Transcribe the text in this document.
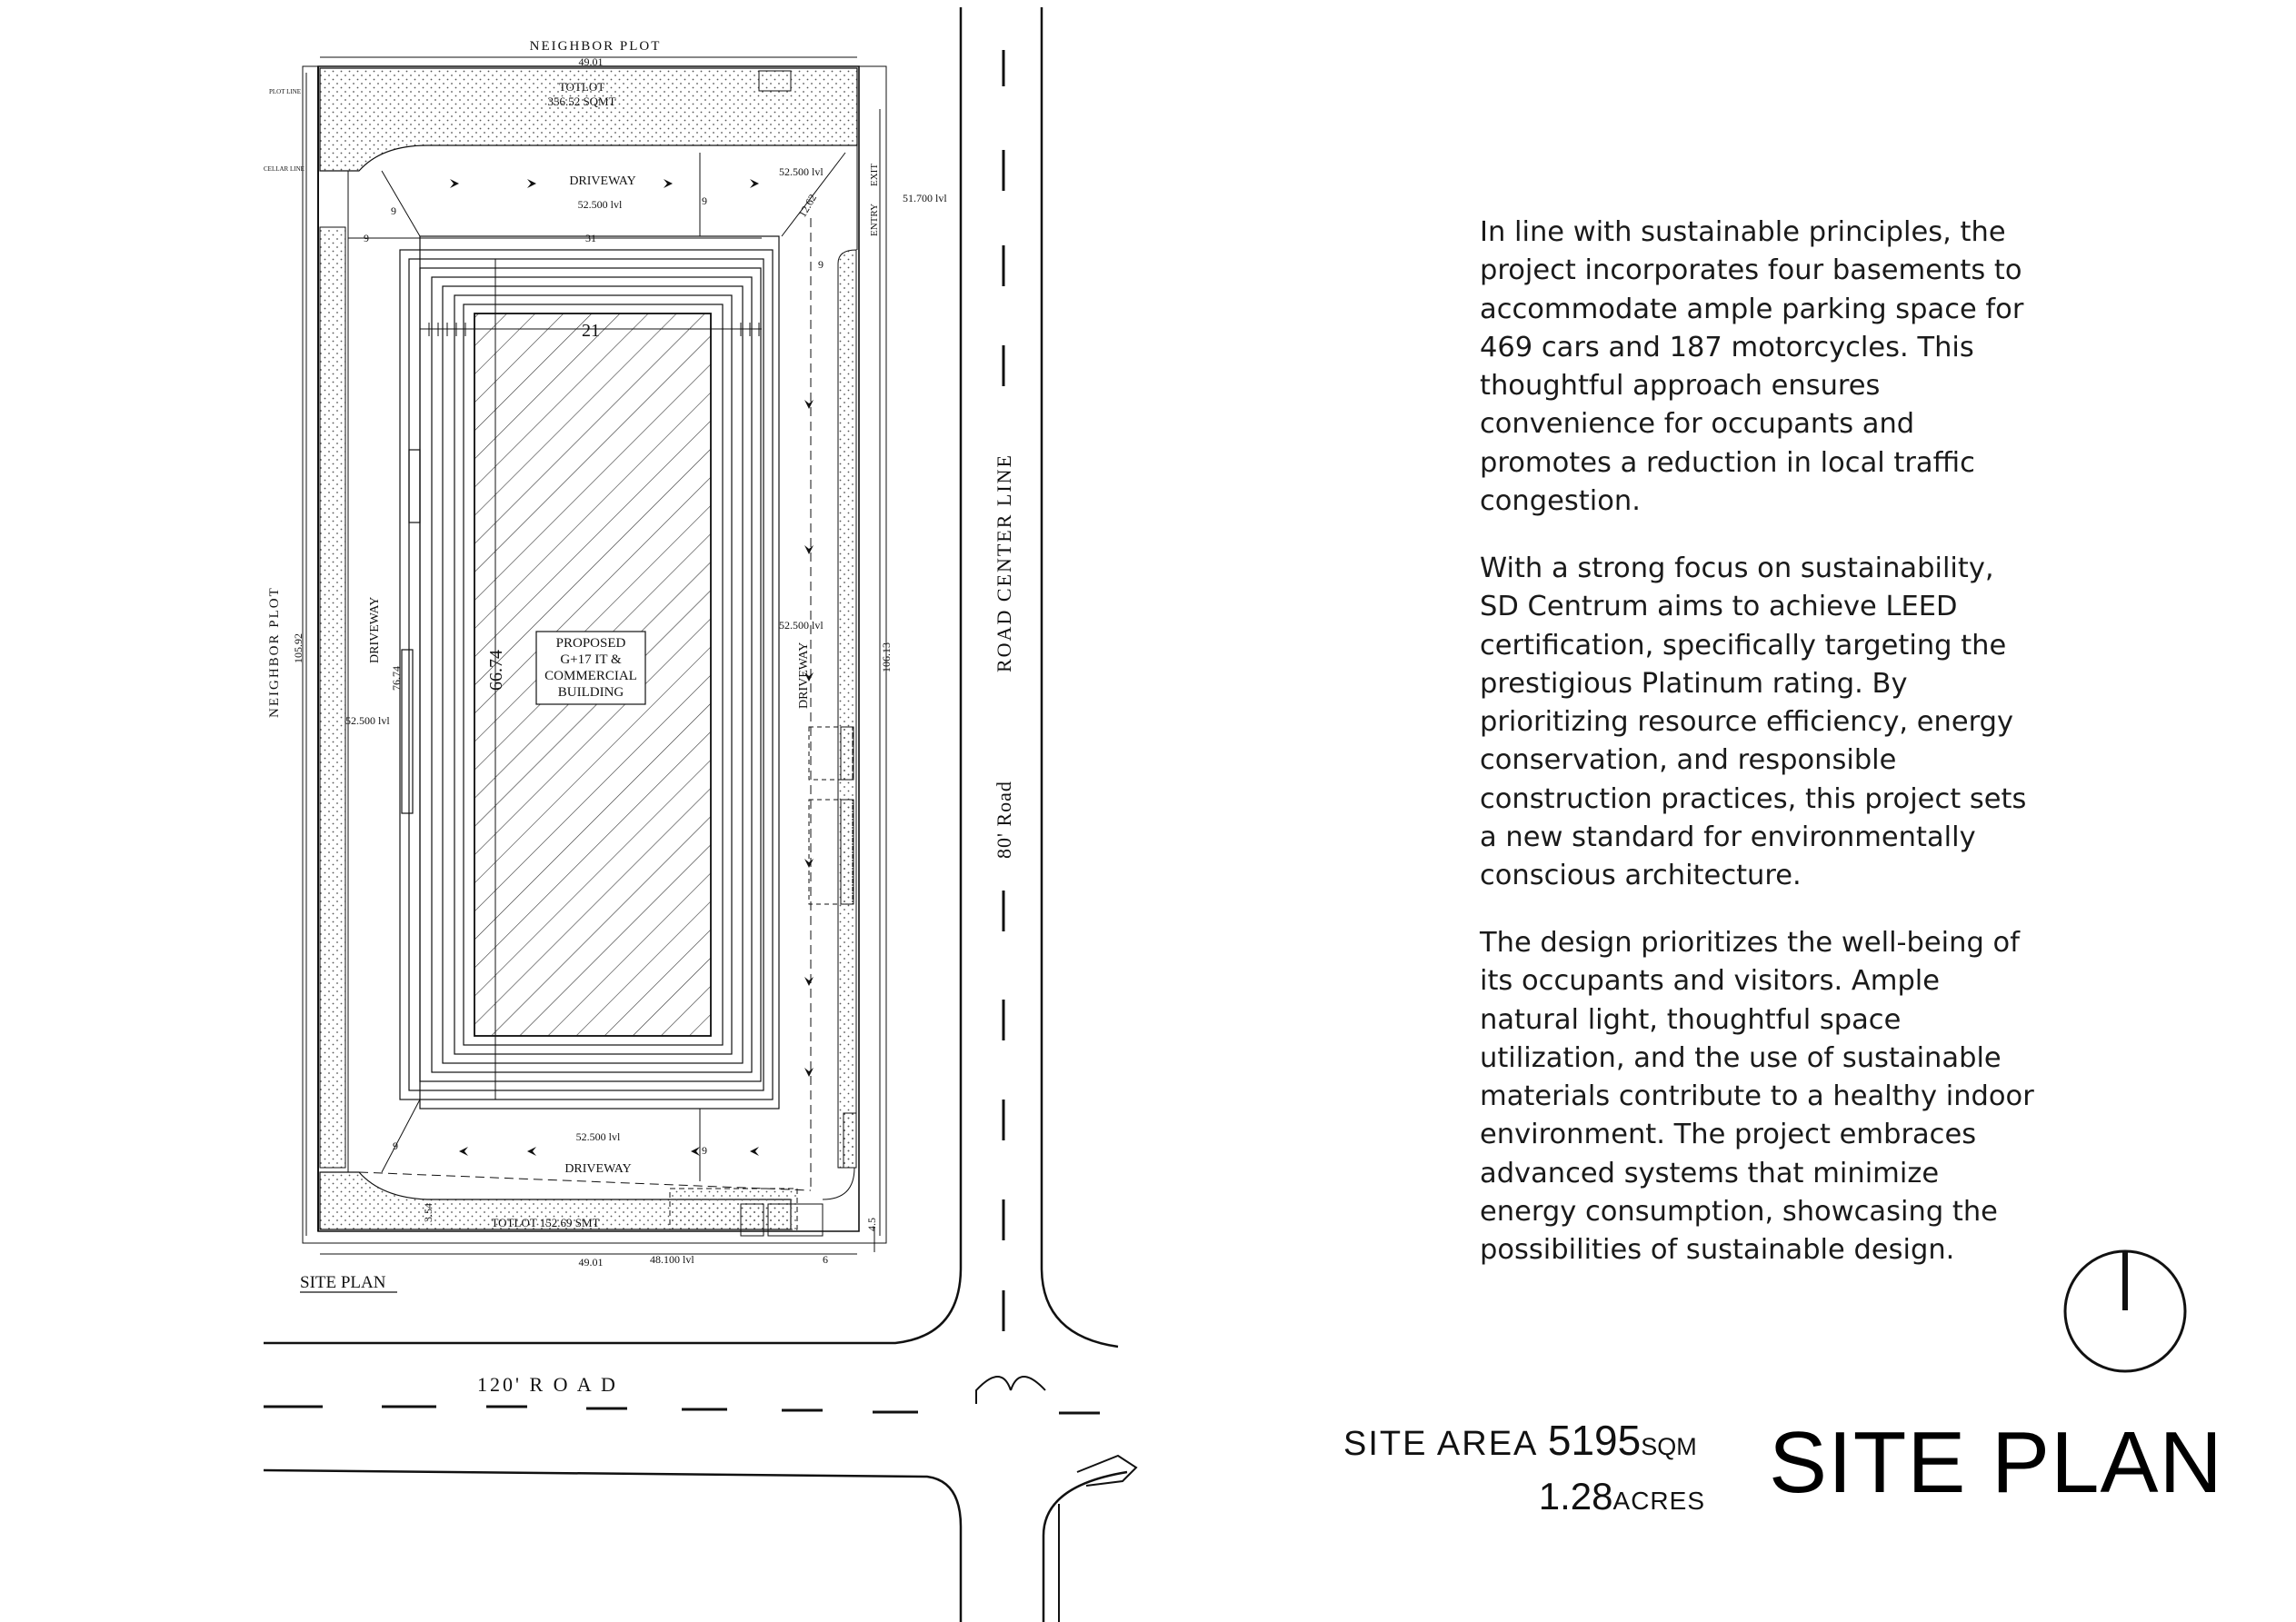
ROAD CENTER LINE
80' Road
120' R O A D
TOTLOT
356.52 SQMT
TOTLOT 152.69 SMT
PROPOSED
G+17 IT &
COMMERCIAL
BUILDING
NEIGHBOR PLOT
NEIGHBOR PLOT
PLOT LINE
CELLAR LINE
DRIVEWAY
DRIVEWAY
DRIVEWAY
DRIVEWAY
ENTRY
EXIT
52.500 lvl
52.500 lvl
51.700 lvl
52.500 lvl
52.500 lvl
52.500 lvl
48.100 lvl
49.01
49.01
105.92	106.13
76.74	66.74
21
31
9
9
9
9
9	9
12.62
3.54
6
4.5
SITE PLAN

In line with sustainable principles, the project incorporates four basements to accommodate ample parking space for 469 cars and 187 motorcycles. This thoughtful approach ensures convenience for occupants and promotes a reduction in local traffic congestion.

With a strong focus on sustainability, SD Centrum aims to achieve LEED certification, specifically targeting the prestigious Platinum rating. By prioritizing resource efficiency, energy conservation, and responsible construction practices, this project sets a new standard for environmentally conscious architecture.

The design prioritizes the well-being of its occupants and visitors. Ample natural light, thoughtful space utilization, and the use of sustainable materials contribute to a healthy indoor environment. The project embraces advanced systems that minimize energy consumption, showcasing the possibilities of sustainable design.

SITE AREA 5195SQM
1.28ACRES SITE PLAN
